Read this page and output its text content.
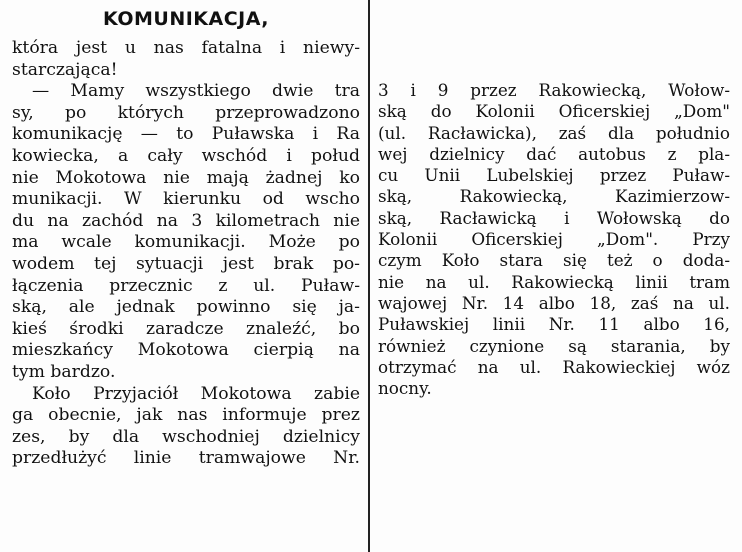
KOMUNIKACJA,
która jest u nas fatalna i niewy-
starczająca!
— Mamy wszystkiego dwie tra
sy, po których przeprowadzono
komunikację — to Puławska i Ra
kowiecka, a cały wschód i połud
nie Mokotowa nie mają żadnej ko
munikacji. W kierunku od wscho
du na zachód na 3 kilometrach nie
ma wcale komunikacji. Może po
wodem tej sytuacji jest brak po-
łączenia przecznic z ul. Puław-
ską, ale jednak powinno się ja-
kieś środki zaradcze znaleźć, bo
mieszkańcy Mokotowa cierpią na
tym bardzo.
Koło Przyjaciół Mokotowa zabie
ga obecnie, jak nas informuje prez
zes, by dla wschodniej dzielnicy
przedłużyć linie tramwajowe Nr.
3 i 9 przez Rakowiecką, Wołow-
ską do Kolonii Oficerskiej „Dom"
(ul. Racławicka), zaś dla południo
wej dzielnicy dać autobus z pla-
cu Unii Lubelskiej przez Puław-
ską, Rakowiecką, Kazimierzow-
ską, Racławicką i Wołowską do
Kolonii Oficerskiej „Dom". Przy
czym Koło stara się też o doda-
nie na ul. Rakowiecką linii tram
wajowej Nr. 14 albo 18, zaś na ul.
Puławskiej linii Nr. 11 albo 16,
również czynione są starania, by
otrzymać na ul. Rakowieckiej wóz
nocny.
